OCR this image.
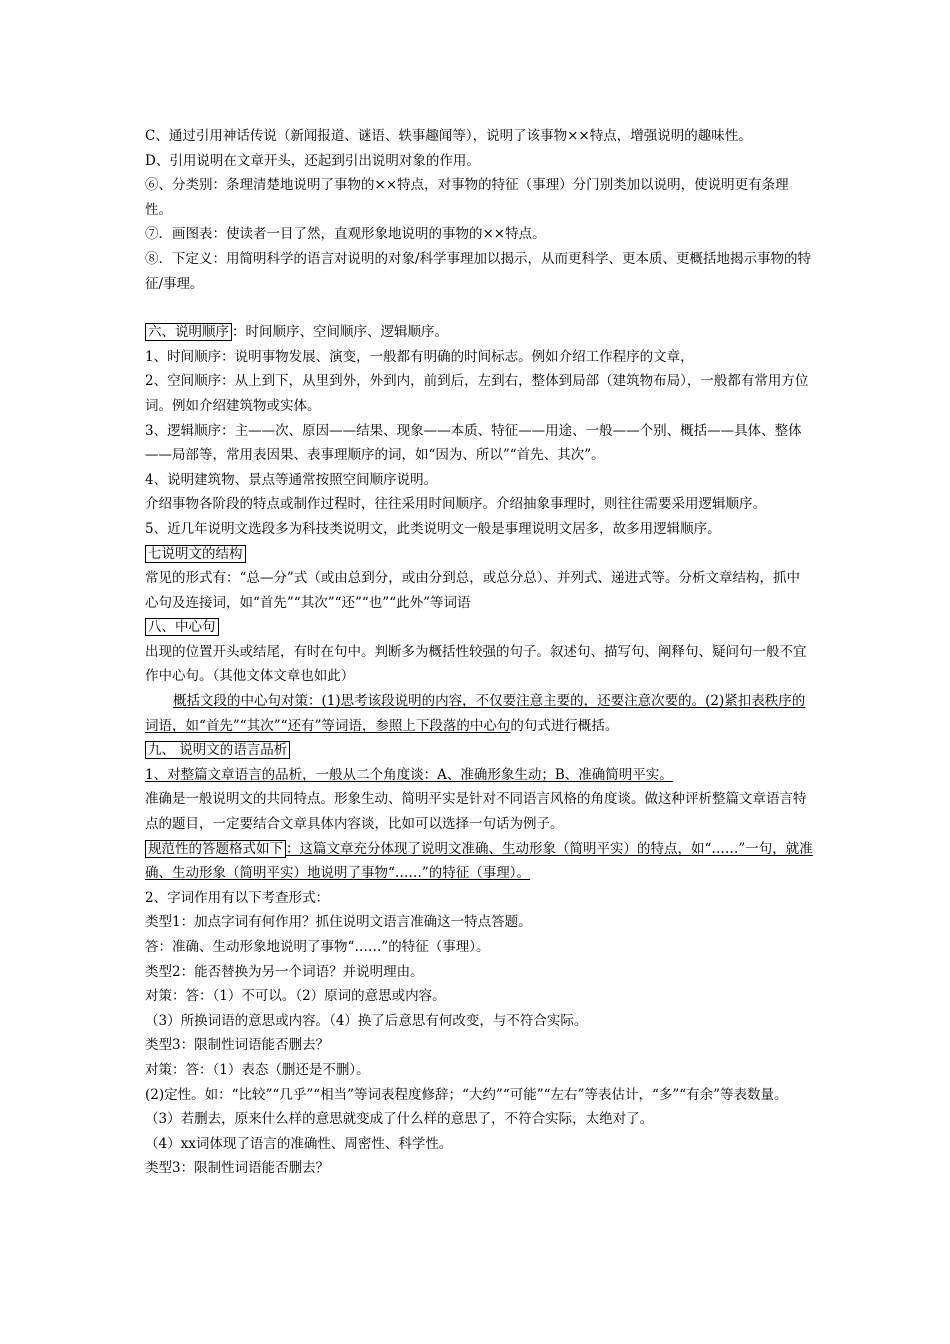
C、通过引用神话传说（新闻报道、谜语、轶事趣闻等），说明了该事物××特点，增强说明的趣味性。

D、引用说明在文章开头，还起到引出说明对象的作用。

⑥、分类别：条理清楚地说明了事物的××特点，对事物的特征（事理）分门别类加以说明，使说明更有条理性。

⑦．画图表：使读者一目了然，直观形象地说明的事物的××特点。

⑧．下定义：用简明科学的语言对说明的对象/科学事理加以揭示，从而更科学、更本质、更概括地揭示事物的特征/事理。

六、说明顺序 ：时间顺序、空间顺序、逻辑顺序。

1、时间顺序：说明事物发展、演变，一般都有明确的时间标志。例如介绍工作程序的文章，

2、空间顺序：从上到下，从里到外，外到内，前到后，左到右，整体到局部（建筑物布局），一般都有常用方位词。例如介绍建筑物或实体。

3、逻辑顺序：主——次、原因——结果、现象——本质、特征——用途、一般——个别、概括——具体、整体——局部等，常用表因果、表事理顺序的词，如“因为、所以”“首先、其次”。

4、说明建筑物、景点等通常按照空间顺序说明。

介绍事物各阶段的特点或制作过程时，往往采用时间顺序。介绍抽象事理时，则往往需要采用逻辑顺序。

5、近几年说明文选段多为科技类说明文，此类说明文一般是事理说明文居多，故多用逻辑顺序。

七说明文的结构

常见的形式有：“总—分”式（或由总到分，或由分到总，或总分总）、并列式、递进式等。分析文章结构，抓中心句及连接词，如“首先”“其次”“还”“也”“此外”等词语

八、中心句

出现的位置开头或结尾，有时在句中。判断多为概括性较强的句子。叙述句、描写句、阐释句、疑问句一般不宜作中心句。（其他文体文章也如此）

概括文段的中心句对策：(1)思考该段说明的内容，不仅要注意主要的，还要注意次要的。(2)紧扣表秩序的词语，如“首先”“其次”“还有”等词语，参照上下段落的中心句的句式进行概括。

九、 说明文的语言品析

1、对整篇文章语言的品析，一般从二个角度谈：A、准确形象生动；B、准确简明平实。

准确是一般说明文的共同特点。形象生动、简明平实是针对不同语言风格的角度谈。做这种评析整篇文章语言特点的题目，一定要结合文章具体内容谈，比如可以选择一句话为例子。

规范性的答题格式如下 ：这篇文章充分体现了说明文准确、生动形象（简明平实）的特点，如“……”一句，就准确、生动形象（简明平实）地说明了事物“……”的特征（事理）。

2、字词作用有以下考查形式：

类型1：加点字词有何作用？抓住说明文语言准确这一特点答题。

答：准确、生动形象地说明了事物“……”的特征（事理）。

类型2：能否替换为另一个词语？并说明理由。

对策：答：（1）不可以。（2）原词的意思或内容。

（3）所换词语的意思或内容。（4）换了后意思有何改变，与不符合实际。

类型3：限制性词语能否删去？

对策：答：（1）表态（删还是不删）。

(2)定性。如：“比较”“几乎”“相当”等词表程度修辞；“大约”“可能”“左右”等表估计，“多”“有余”等表数量。

（3）若删去，原来什么样的意思就变成了什么样的意思了，不符合实际，太绝对了。

（4）xx词体现了语言的准确性、周密性、科学性。

类型3：限制性词语能否删去？
